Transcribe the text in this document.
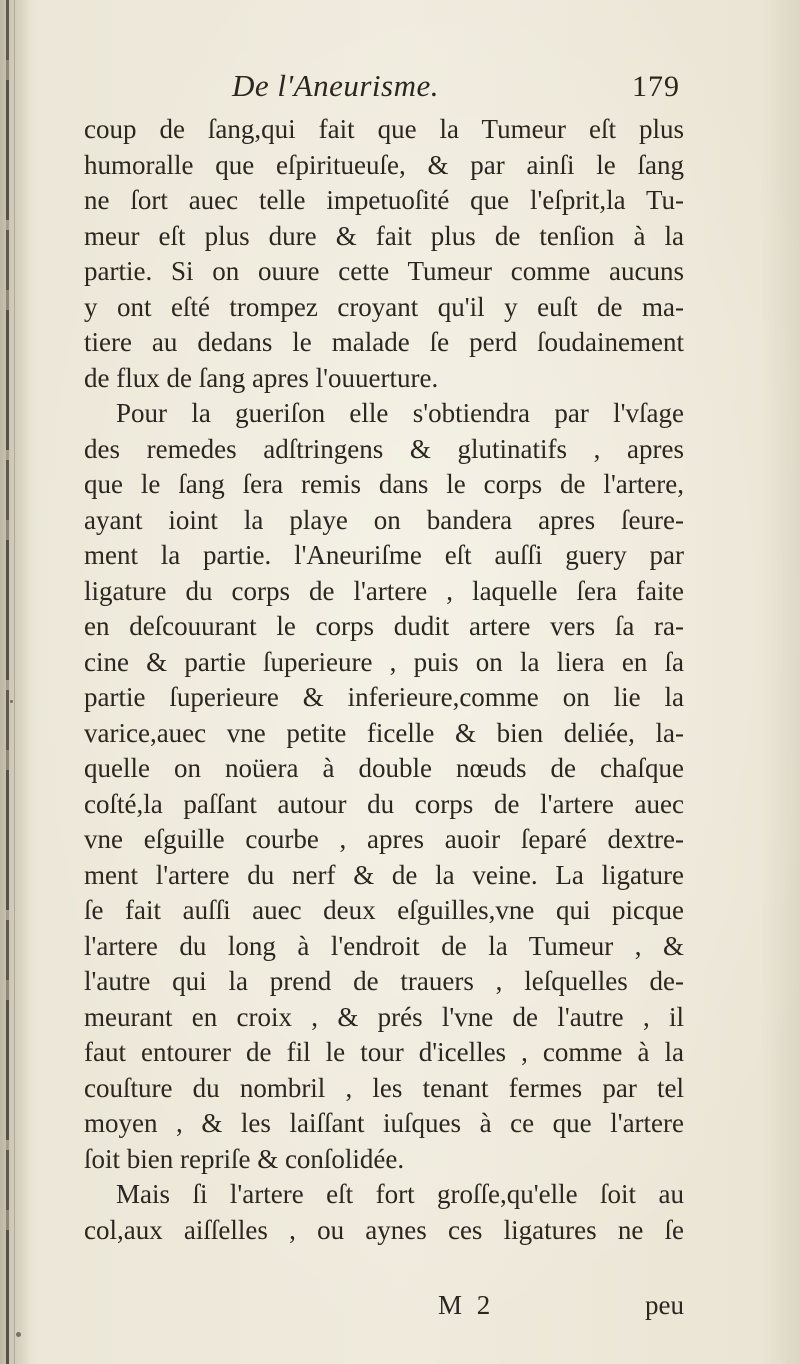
De l'Aneurisme.	179
coup de ſang,qui fait que la Tumeur eſt plus
humoralle que eſpiritueuſe, & par ainſi le ſang
ne ſort auec telle impetuoſité que l'eſprit,la Tu-
meur eſt plus dure & fait plus de tenſion à la
partie. Si on ouure cette Tumeur comme aucuns
y ont eſté trompez croyant qu'il y euſt de ma-
tiere au dedans le malade ſe perd ſoudainement
de flux de ſang apres l'ouuerture.
Pour la gueriſon elle s'obtiendra par l'vſage
des remedes adſtringens & glutinatifs , apres
que le ſang ſera remis dans le corps de l'artere,
ayant ioint la playe on bandera apres ſeure-
ment la partie. l'Aneuriſme eſt auſſi guery par
ligature du corps de l'artere , laquelle ſera faite
en deſcouurant le corps dudit artere vers ſa ra-
cine & partie ſuperieure , puis on la liera en ſa
partie ſuperieure & inferieure,comme on lie la
varice,auec vne petite ficelle & bien deliée, la-
quelle on noüera à double nœuds de chaſque
coſté,la paſſant autour du corps de l'artere auec
vne eſguille courbe , apres auoir ſeparé dextre-
ment l'artere du nerf & de la veine. La ligature
ſe fait auſſi auec deux eſguilles,vne qui picque
l'artere du long à l'endroit de la Tumeur , &
l'autre qui la prend de trauers , leſquelles de-
meurant en croix , & prés l'vne de l'autre , il
faut entourer de fil le tour d'icelles , comme à la
couſture du nombril , les tenant fermes par tel
moyen , & les laiſſant iuſques à ce que l'artere
ſoit bien repriſe & conſolidée.
Mais ſi l'artere eſt fort groſſe,qu'elle ſoit au
col,aux aiſſelles , ou aynes ces ligatures ne ſe
M 2	peu
